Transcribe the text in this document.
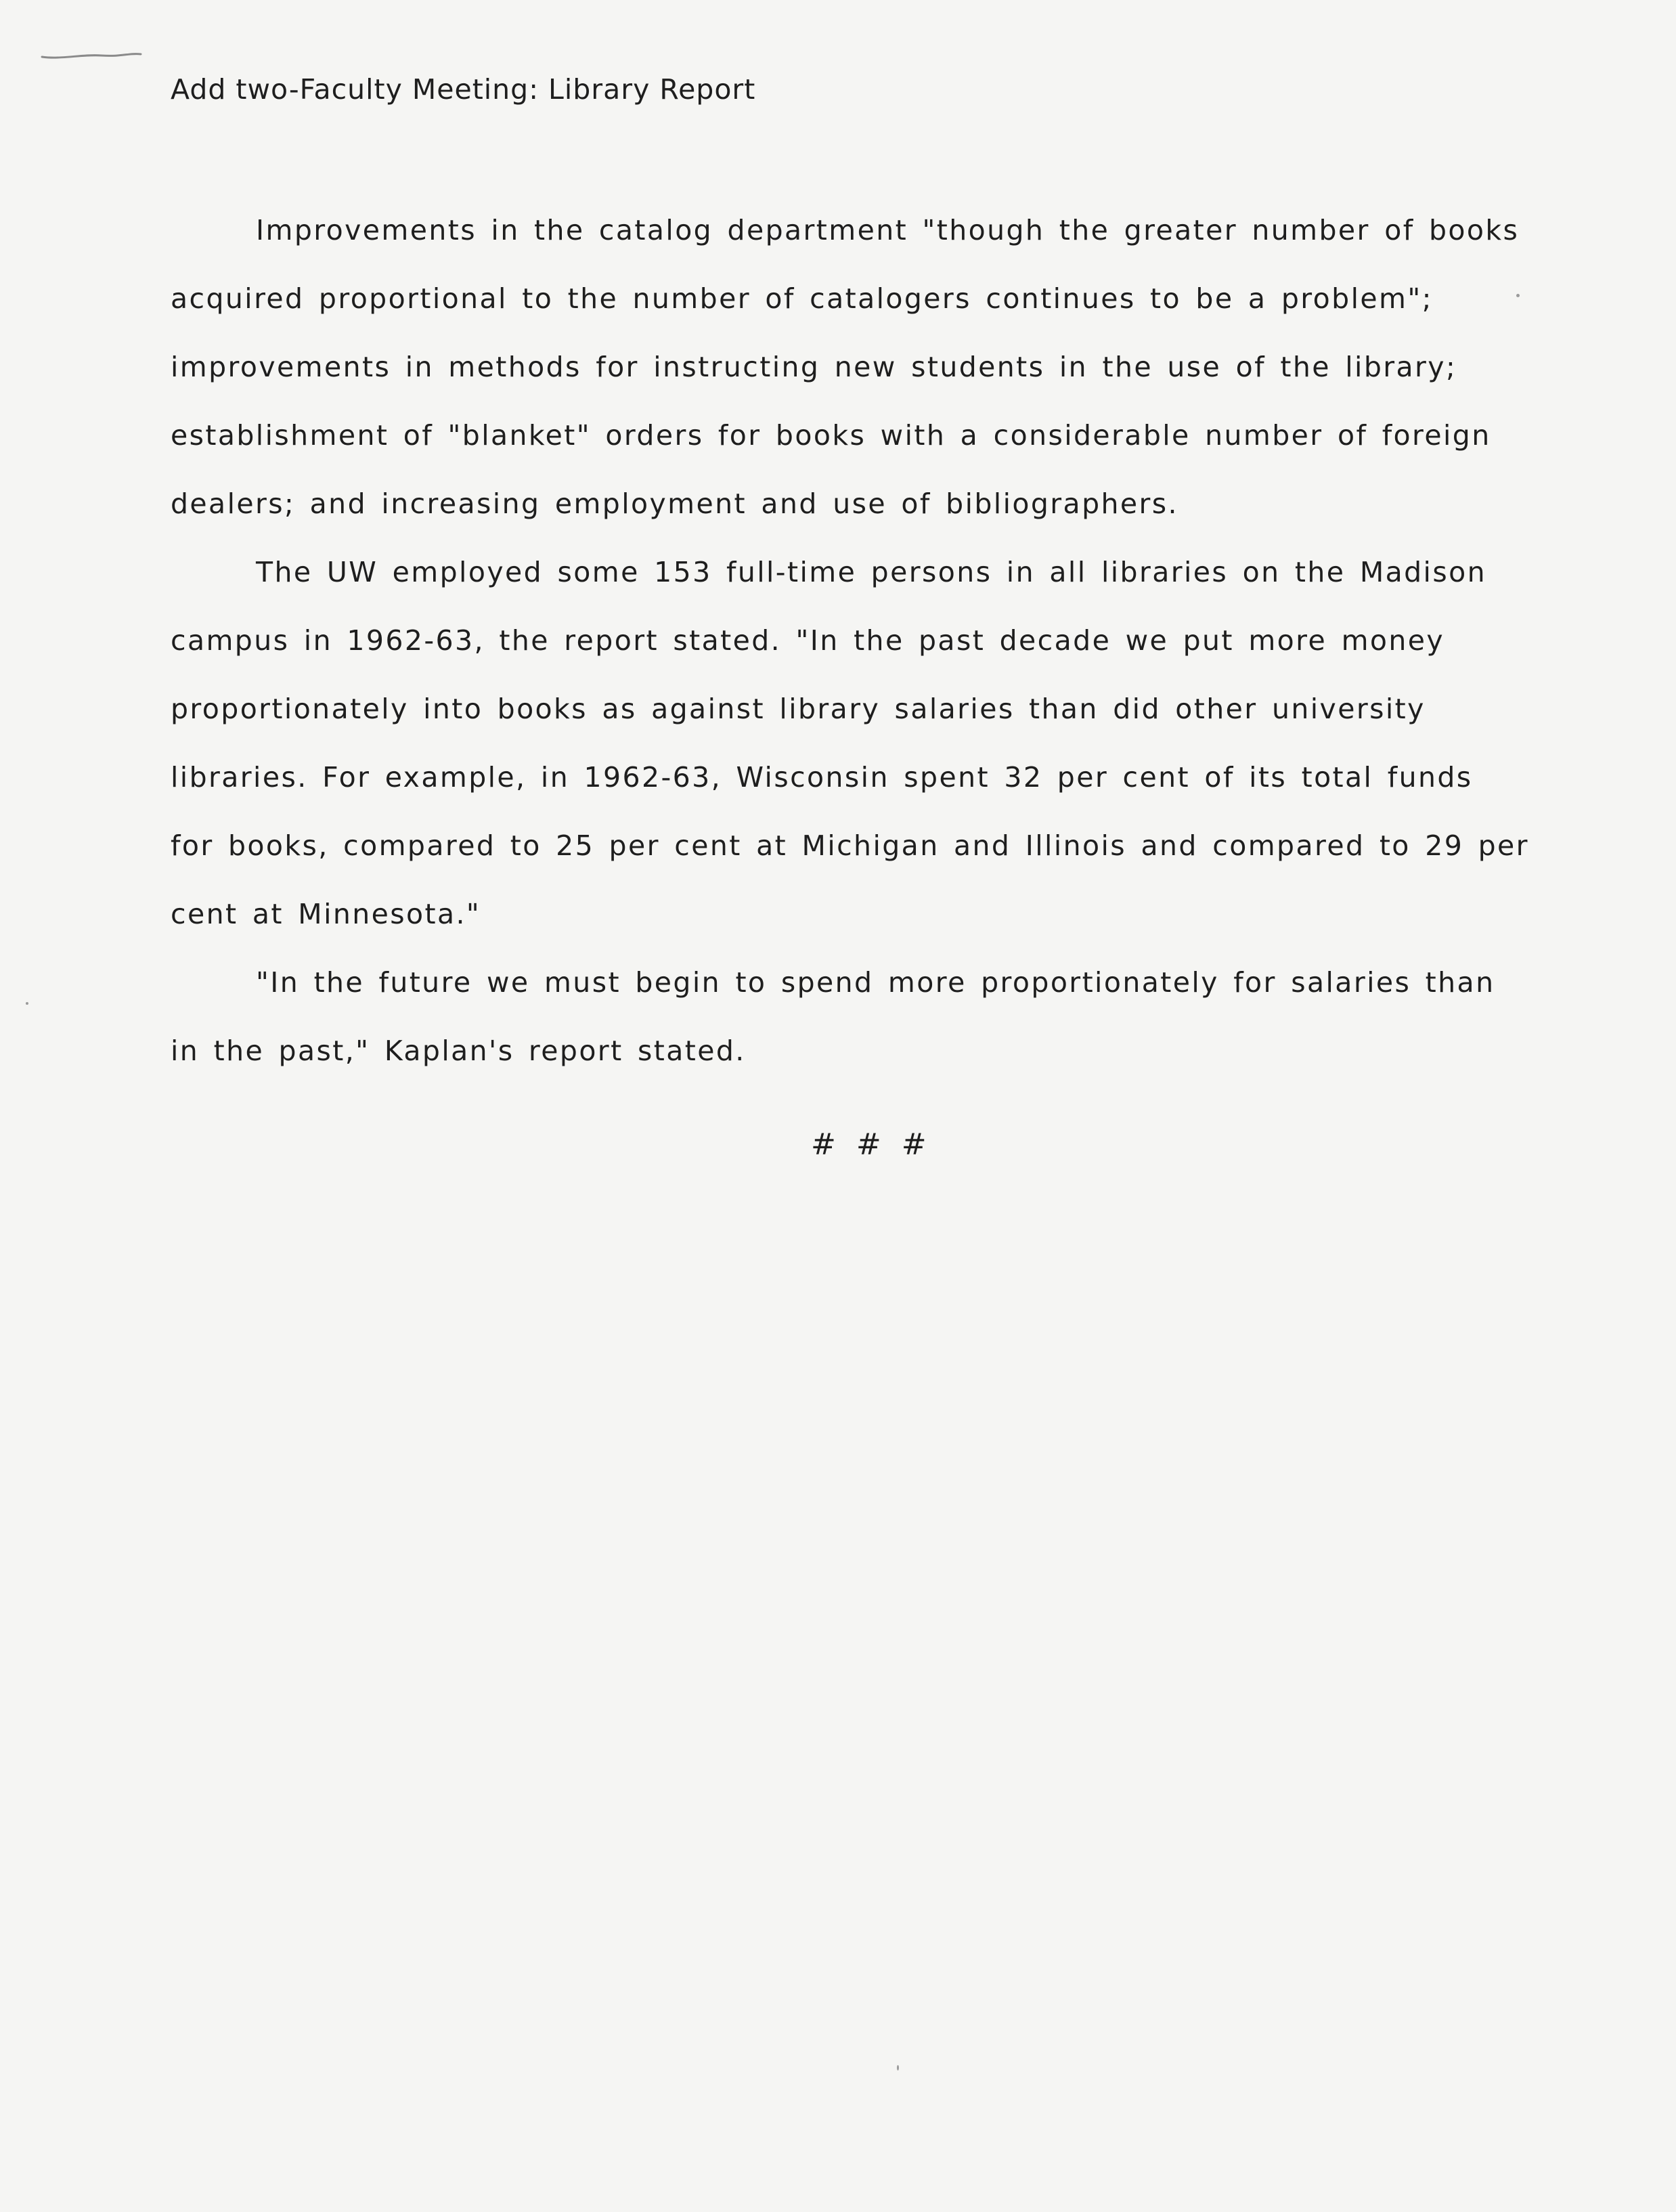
Add two-Faculty Meeting: Library Report
Improvements in the catalog department "though the greater number of books
acquired proportional to the number of catalogers continues to be a problem";
improvements in methods for instructing new students in the use of the library;
establishment of "blanket" orders for books with a considerable number of foreign
dealers; and increasing employment and use of bibliographers.
The UW employed some 153 full-time persons in all libraries on the Madison
campus in 1962-63, the report stated. "In the past decade we put more money
proportionately into books as against library salaries than did other university
libraries. For example, in 1962-63, Wisconsin spent 32 per cent of its total funds
for books, compared to 25 per cent at Michigan and Illinois and compared to 29 per
cent at Minnesota."
"In the future we must begin to spend more proportionately for salaries than
in the past," Kaplan's report stated.
# # #
